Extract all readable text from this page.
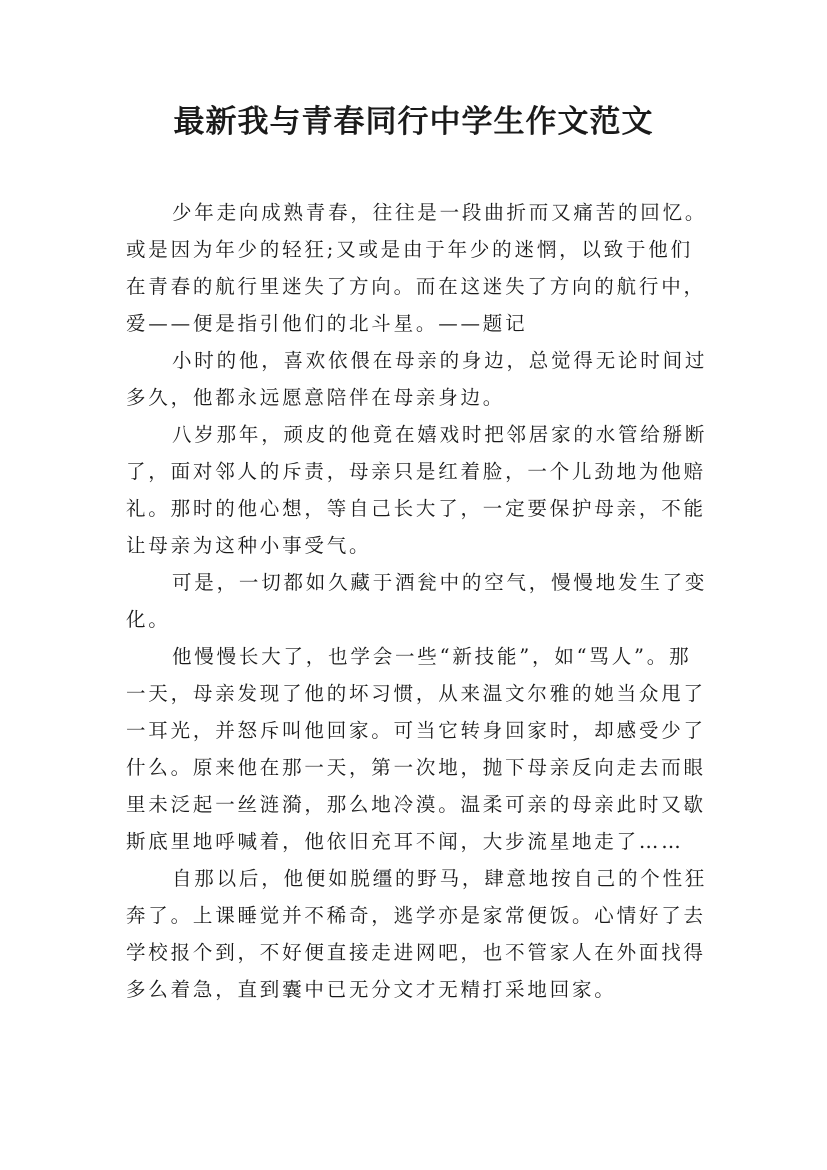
最新我与青春同行中学生作文范文
少年走向成熟青春，往往是一段曲折而又痛苦的回忆。
或是因为年少的轻狂;又或是由于年少的迷惘，以致于他们
在青春的航行里迷失了方向。而在这迷失了方向的航行中，
爱——便是指引他们的北斗星。——题记
小时的他，喜欢依偎在母亲的身边，总觉得无论时间过
多久，他都永远愿意陪伴在母亲身边。
八岁那年，顽皮的他竟在嬉戏时把邻居家的水管给掰断
了，面对邻人的斥责，母亲只是红着脸，一个儿劲地为他赔
礼。那时的他心想，等自己长大了，一定要保护母亲，不能
让母亲为这种小事受气。
可是，一切都如久藏于酒瓮中的空气，慢慢地发生了变
化。
他慢慢长大了，也学会一些“新技能”，如“骂人”。那
一天，母亲发现了他的坏习惯，从来温文尔雅的她当众甩了
一耳光，并怒斥叫他回家。可当它转身回家时，却感受少了
什么。原来他在那一天，第一次地，抛下母亲反向走去而眼
里未泛起一丝涟漪，那么地冷漠。温柔可亲的母亲此时又歇
斯底里地呼喊着，他依旧充耳不闻，大步流星地走了……
自那以后，他便如脱缰的野马，肆意地按自己的个性狂
奔了。上课睡觉并不稀奇，逃学亦是家常便饭。心情好了去
学校报个到，不好便直接走进网吧，也不管家人在外面找得
多么着急，直到囊中已无分文才无精打采地回家。
